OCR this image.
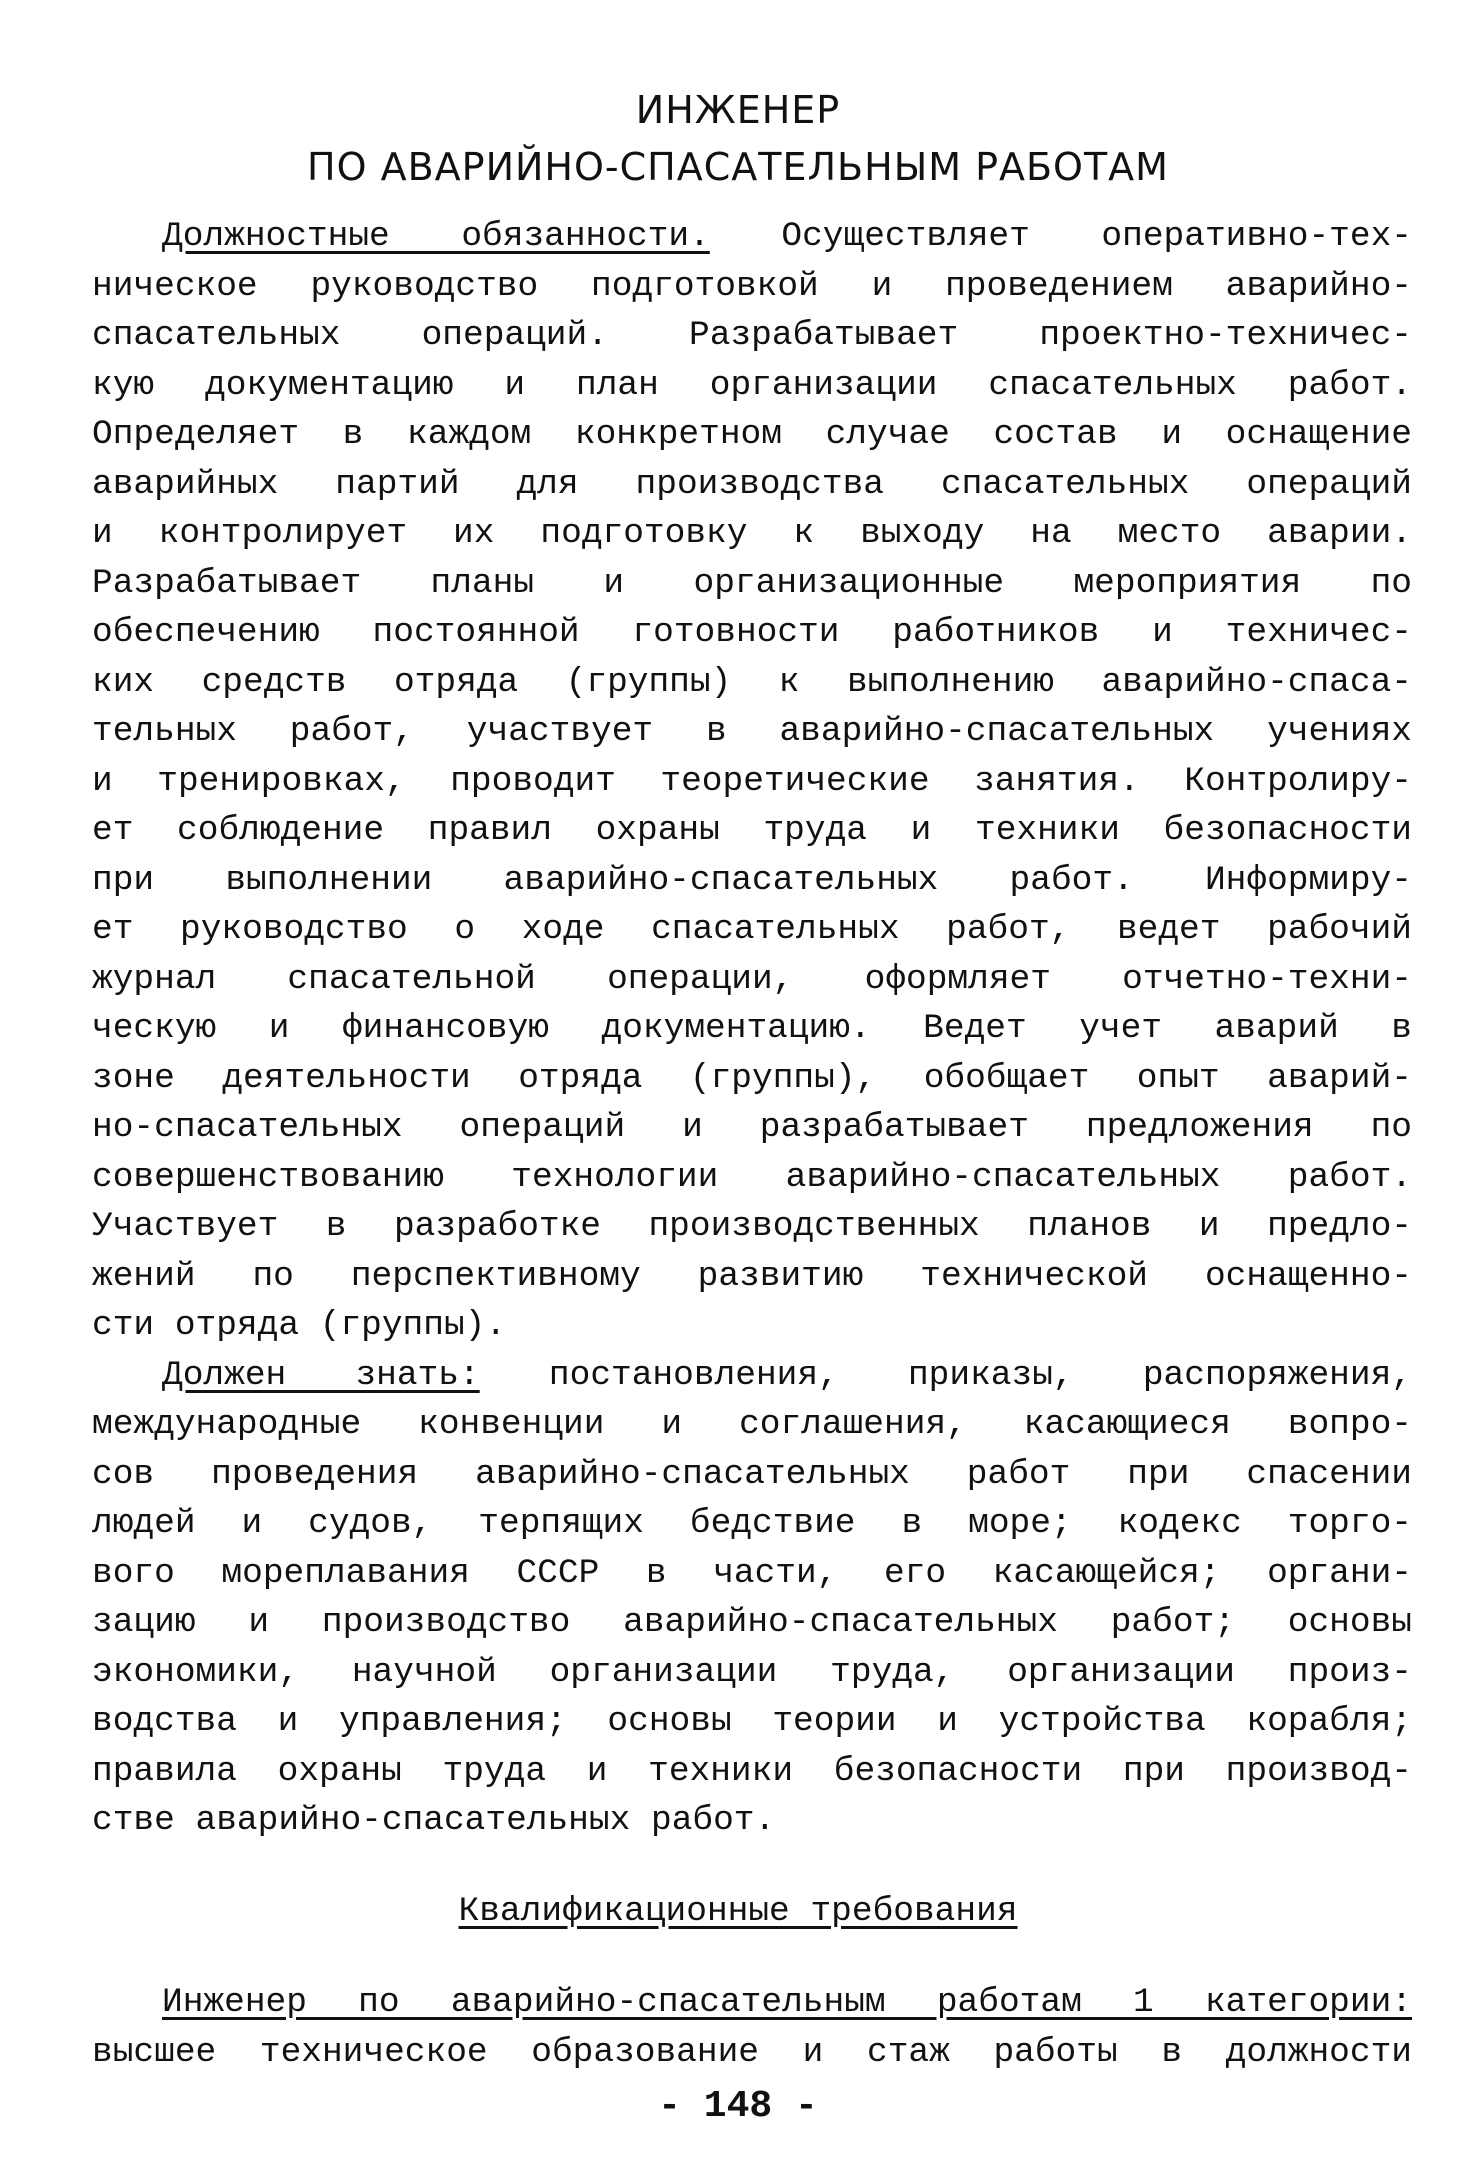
ИНЖЕНЕР
ПО АВАРИЙНО-СПАСАТЕЛЬНЫМ РАБОТАМ
Должностные обязанности. Осуществляет оперативно-тех-
ническое руководство подготовкой и проведением аварийно-
спасательных операций. Разрабатывает проектно-техничес-
кую документацию и план организации спасательных работ.
Определяет в каждом конкретном случае состав и оснащение
аварийных партий для производства спасательных операций
и контролирует их подготовку к выходу на место аварии.
Разрабатывает планы и организационные мероприятия по
обеспечению постоянной готовности работников и техничес-
ких средств отряда (группы) к выполнению аварийно-спаса-
тельных работ, участвует в аварийно-спасательных учениях
и тренировках, проводит теоретические занятия. Контролиру-
ет соблюдение правил охраны труда и техники безопасности
при выполнении аварийно-спасательных работ. Информиру-
ет руководство о ходе спасательных работ, ведет рабочий
журнал спасательной операции, оформляет отчетно-техни-
ческую и финансовую документацию. Ведет учет аварий в
зоне деятельности отряда (группы), обобщает опыт аварий-
но-спасательных операций и разрабатывает предложения по
совершенствованию технологии аварийно-спасательных работ.
Участвует в разработке производственных планов и предло-
жений по перспективному развитию технической оснащенно-
сти отряда (группы).
Должен знать: постановления, приказы, распоряжения,
международные конвенции и соглашения, касающиеся вопро-
сов проведения аварийно-спасательных работ при спасении
людей и судов, терпящих бедствие в море; кодекс торго-
вого мореплавания СССР в части, его касающейся; органи-
зацию и производство аварийно-спасательных работ; основы
экономики, научной организации труда, организации произ-
водства и управления; основы теории и устройства корабля;
правила охраны труда и техники безопасности при производ-
стве аварийно-спасательных работ.
Квалификационные требования
Инженер по аварийно-спасательным работам 1 категории:
высшее техническое образование и стаж работы в должности
- 148 -
